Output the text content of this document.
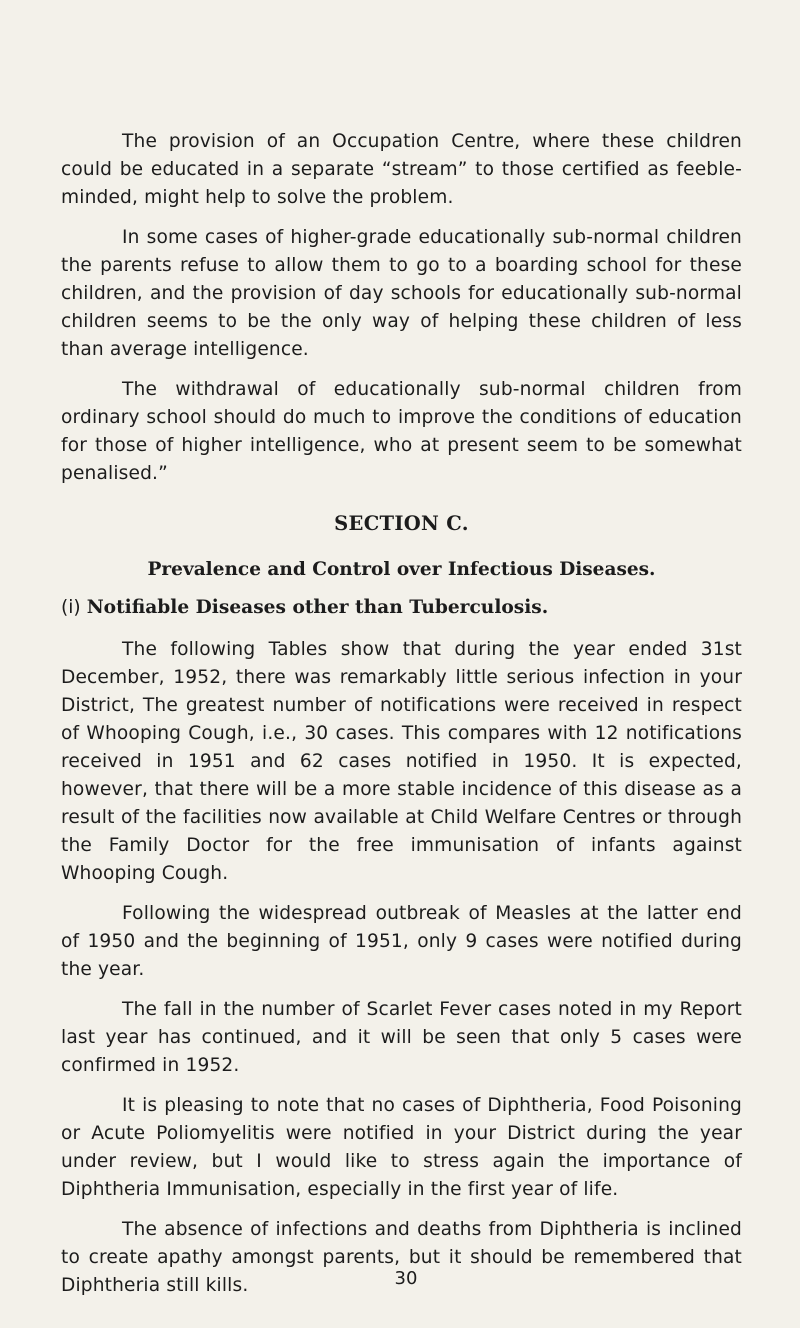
The provision of an Occupation Centre, where these children could be educated in a separate “stream” to those certified as feeble-minded, might help to solve the problem.

In some cases of higher-grade educationally sub-normal children the parents refuse to allow them to go to a boarding school for these children, and the provision of day schools for educationally sub-normal children seems to be the only way of helping these children of less than average intelligence.

The withdrawal of educationally sub-normal children from ordinary school should do much to improve the conditions of education for those of higher intelligence, who at present seem to be somewhat penalised.”

SECTION C.
Prevalence and Control over Infectious Diseases.
(i) Notifiable Diseases other than Tuberculosis.

The following Tables show that during the year ended 31st December, 1952, there was remarkably little serious infection in your District, The greatest number of notifications were received in respect of Whooping Cough, i.e., 30 cases. This compares with 12 notifications received in 1951 and 62 cases notified in 1950. It is expected, however, that there will be a more stable incidence of this disease as a result of the facilities now available at Child Welfare Centres or through the Family Doctor for the free immunisation of infants against Whooping Cough.

Following the widespread outbreak of Measles at the latter end of 1950 and the beginning of 1951, only 9 cases were notified during the year.

The fall in the number of Scarlet Fever cases noted in my Report last year has continued, and it will be seen that only 5 cases were confirmed in 1952.

It is pleasing to note that no cases of Diphtheria, Food Poisoning or Acute Poliomyelitis were notified in your District during the year under review, but I would like to stress again the importance of Diphtheria Immunisation, especially in the first year of life.

The absence of infections and deaths from Diphtheria is inclined to create apathy amongst parents, but it should be remembered that Diphtheria still kills.	30
